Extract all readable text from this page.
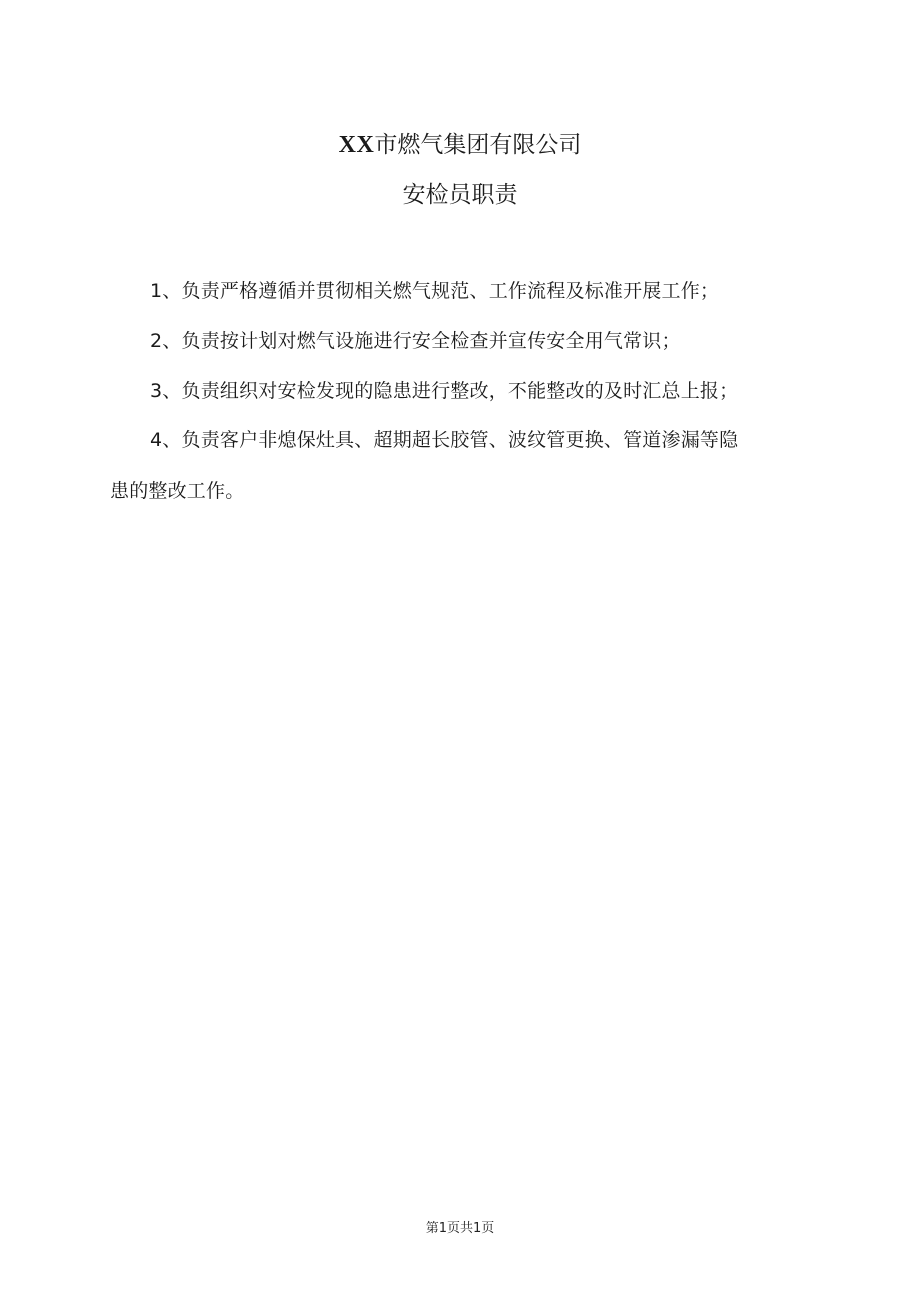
XX市燃气集团有限公司
安检员职责
1、负责严格遵循并贯彻相关燃气规范、工作流程及标准开展工作；
2、负责按计划对燃气设施进行安全检查并宣传安全用气常识；
3、负责组织对安检发现的隐患进行整改，不能整改的及时汇总上报；
4、负责客户非熄保灶具、超期超长胶管、波纹管更换、管道渗漏等隐
患的整改工作。
第1页共1页
